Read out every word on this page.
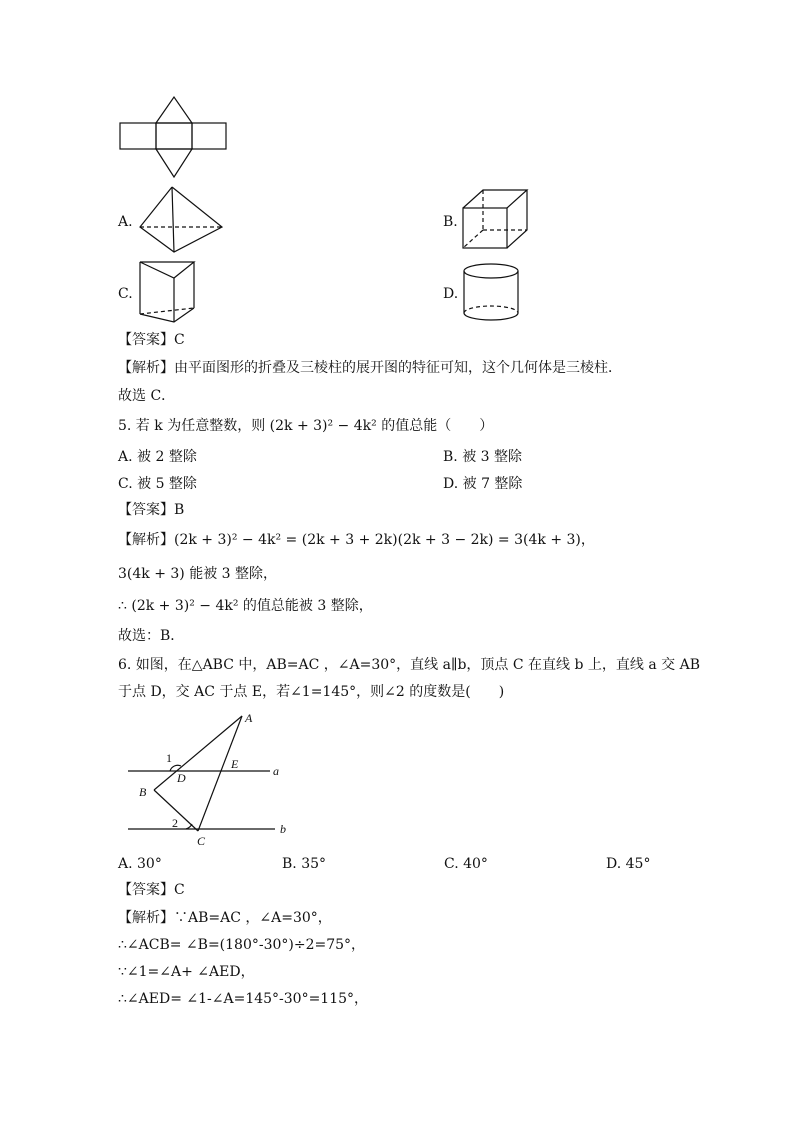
A.	B.
C.	D.
【答案】C
【解析】由平面图形的折叠及三棱柱的展开图的特征可知，这个几何体是三棱柱．
故选 C．
5. 若 k 为任意整数，则 (2k + 3)² − 4k² 的值总能（　　）
A. 被 2 整除	B. 被 3 整除
C. 被 5 整除	D. 被 7 整除
【答案】B
【解析】(2k + 3)² − 4k² = (2k + 3 + 2k)(2k + 3 − 2k) = 3(4k + 3)，
3(4k + 3) 能被 3 整除，
∴ (2k + 3)² − 4k² 的值总能被 3 整除，
故选：B．
6. 如图，在△ABC 中，AB=AC ，∠A=30°，直线 a∥b，顶点 C 在直线 b 上，直线 a 交 AB
于点 D，交 AC 于点 E，若∠1=145°，则∠2 的度数是(　　)
A
1
D
E	a
B
2	b
C
A. 30°	B. 35°	C. 40°	D. 45°
【答案】C
【解析】∵AB=AC ，∠A=30°，
∴∠ACB= ∠B=(180°-30°)÷2=75°，
∵∠1=∠A+ ∠AED，
∴∠AED= ∠1-∠A=145°-30°=115°，
